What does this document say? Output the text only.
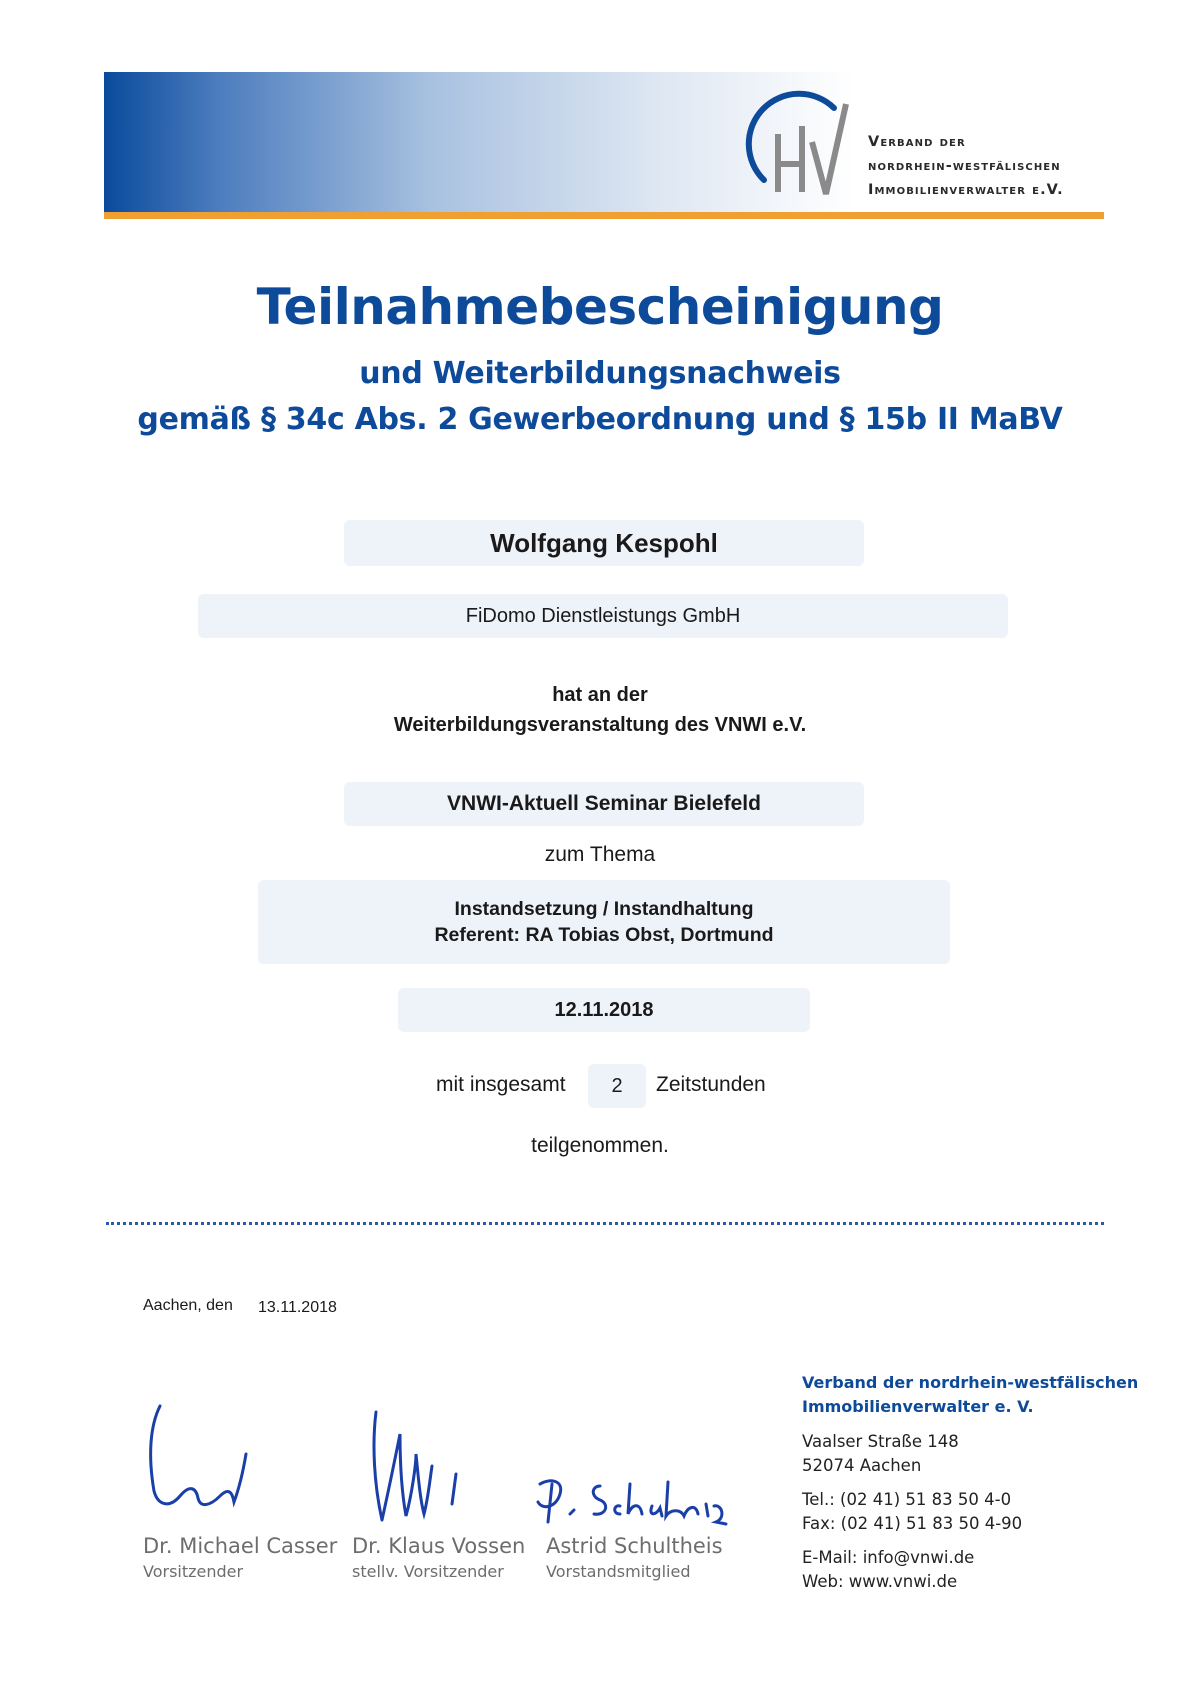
Verband der
nordrhein-westfälischen
Immobilienverwalter e.V.
Teilnahmebescheinigung
und Weiterbildungsnachweis
gemäß § 34c Abs. 2 Gewerbeordnung und § 15b II MaBV
Wolfgang Kespohl
FiDomo Dienstleistungs GmbH
hat an der
Weiterbildungsveranstaltung des VNWI e.V.
VNWI-Aktuell Seminar Bielefeld
zum Thema
Instandsetzung / Instandhaltung
Referent: RA Tobias Obst, Dortmund
12.11.2018
mit insgesamt	2	Zeitstunden
teilgenommen.
Aachen, den 13.11.2018
Dr. Michael Casser
Vorsitzender
Dr. Klaus Vossen
stellv. Vorsitzender
Astrid Schultheis
Vorstandsmitglied
Verband der nordrhein-westfälischen
Immobilienverwalter e. V.
Vaalser Straße 148
52074 Aachen
Tel.: (02 41) 51 83 50 4-0
Fax: (02 41) 51 83 50 4-90
E-Mail: info@vnwi.de
Web: www.vnwi.de
